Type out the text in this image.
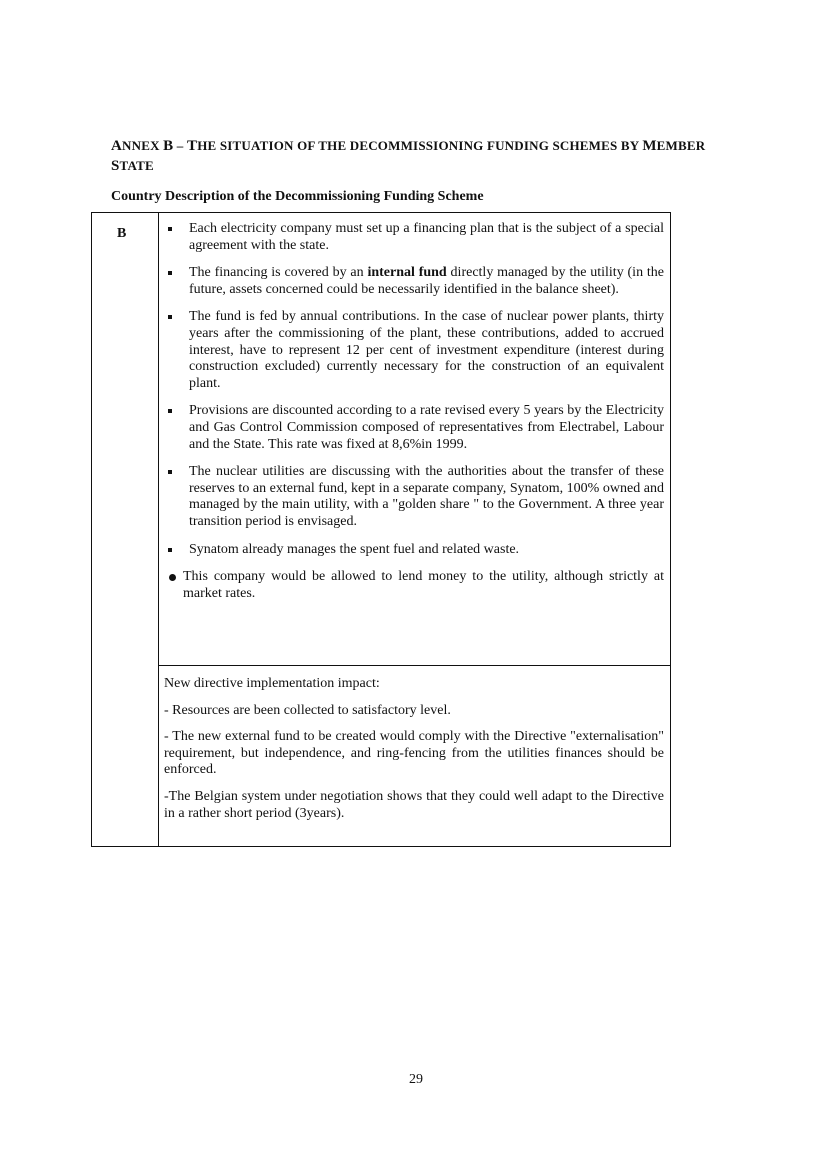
ANNEX B – THE SITUATION OF THE DECOMMISSIONING FUNDING SCHEMES BY MEMBER
STATE
Country Description of the Decommissioning Funding Scheme
B	Each electricity company must set up a financing plan that is the subject of a special agreement with the state.
The financing is covered by an internal fund directly managed by the utility (in the future, assets concerned could be necessarily identified in the balance sheet).
The fund is fed by annual contributions. In the case of nuclear power plants, thirty years after the commissioning of the plant, these contributions, added to accrued interest, have to represent 12 per cent of investment expenditure (interest during construction excluded) currently necessary for the construction of an equivalent plant.
Provisions are discounted according to a rate revised every 5 years by the Electricity and Gas Control Commission composed of representatives from Electrabel, Labour and the State. This rate was fixed at 8,6%in 1999.
The nuclear utilities are discussing with the authorities about the transfer of these reserves to an external fund, kept in a separate company, Synatom, 100% owned and managed by the main utility, with a "golden share " to the Government. A three year transition period is envisaged.
Synatom already manages the spent fuel and related waste.
This company would be allowed to lend money to the utility, although strictly at market rates.

New directive implementation impact:

- Resources are been collected to satisfactory level.

- The new external fund to be created would comply with the Directive "externalisation" requirement, but independence, and ring-fencing from the utilities finances should be enforced.

-The Belgian system under negotiation shows that they could well adapt to the Directive in a rather short period (3years).

29
